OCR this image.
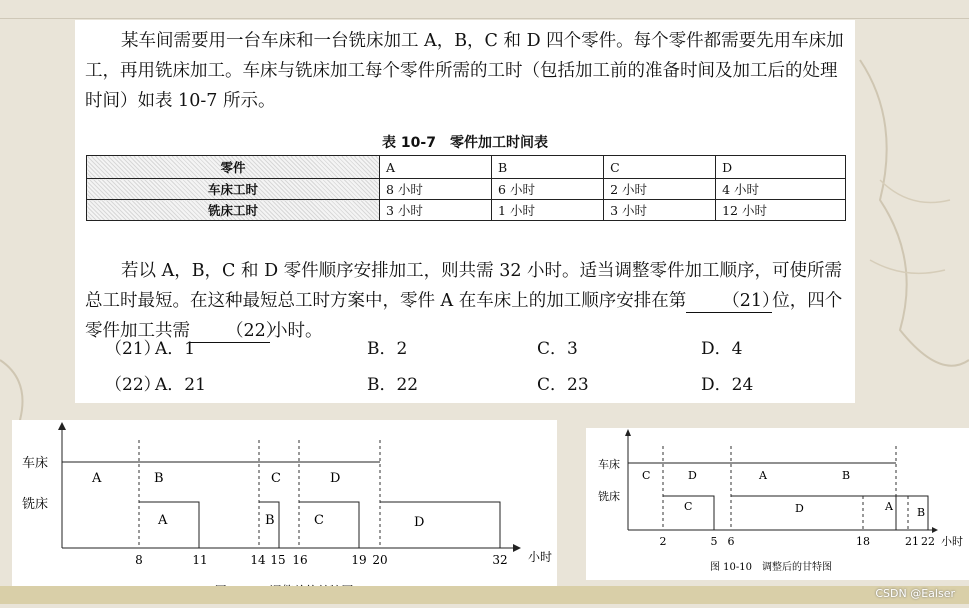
某车间需要用一台车床和一台铣床加工 A，B，C 和 D 四个零件。每个零件都需要先用车床加工，再用铣床加工。车床与铣床加工每个零件所需的工时（包括加工前的准备时间及加工后的处理时间）如表 10-7 所示。

表 10-7　零件加工时间表
零件	A	B	C	D
车床工时	8 小时	6 小时	2 小时	4 小时
铣床工时	3 小时	1 小时	3 小时	12 小时

若以 A，B，C 和 D 零件顺序安排加工，则共需 32 小时。适当调整零件加工顺序，可使所需总工时最短。在这种最短总工时方案中，零件 A 在车床上的加工顺序安排在第 （21）位，四个零件加工共需 （22）小时。

（21）
A．1	B．2	C．3	D．4
（22）
A．21	B．22	C．23	D．24
车床
铣床
A	B	C	D
A	B	C	D
8	11	14 15 16	19 20	32 小时
车床
铣床
C	D	A	B
C	D	A B
2	5 6	18	21 22 小时
图 10-10　调整后的甘特图
CSDN @Ealser
